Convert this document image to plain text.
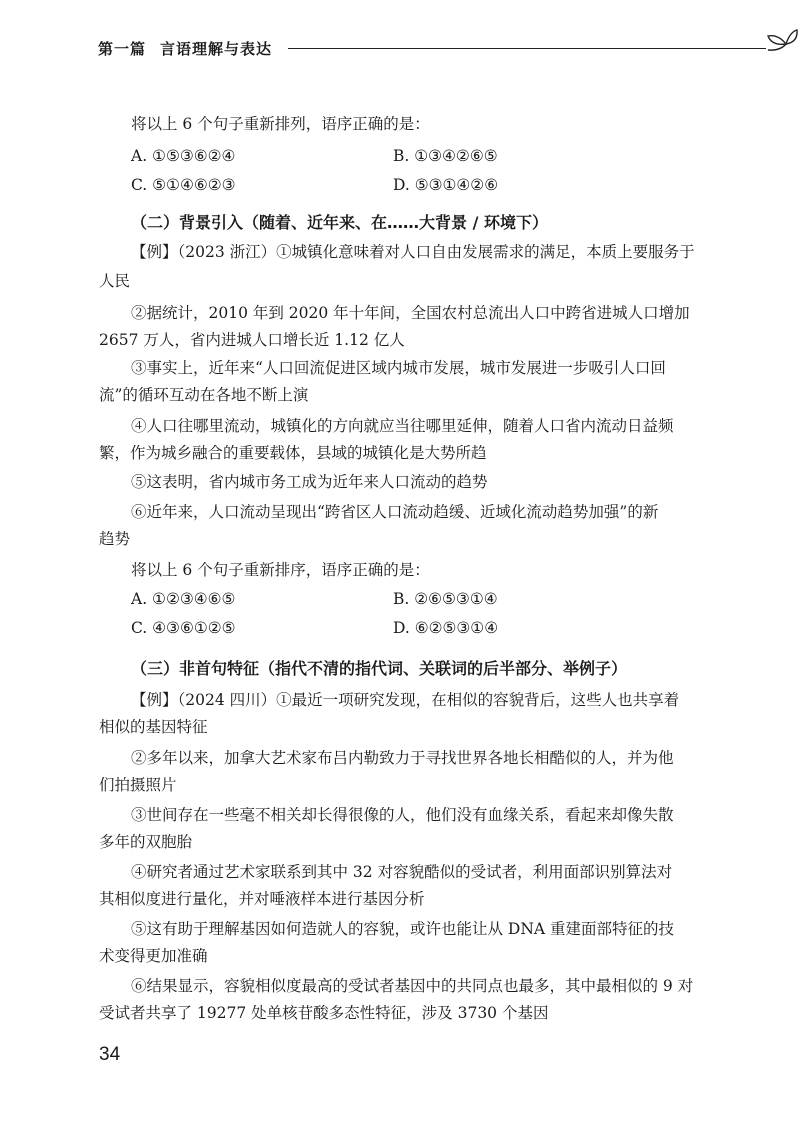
第一篇 言语理解与表达
将以上 6 个句子重新排列，语序正确的是：
A. ①⑤③⑥②④	B. ①③④②⑥⑤
C. ⑤①④⑥②③	D. ⑤③①④②⑥
（二）背景引入（随着、近年来、在……大背景 / 环境下）
【例】（2023 浙江）①城镇化意味着对人口自由发展需求的满足，本质上要服务于
人民
②据统计，2010 年到 2020 年十年间，全国农村总流出人口中跨省进城人口增加
2657 万人，省内进城人口增长近 1.12 亿人
③事实上，近年来“人口回流促进区域内城市发展，城市发展进一步吸引人口回
流”的循环互动在各地不断上演
④人口往哪里流动，城镇化的方向就应当往哪里延伸，随着人口省内流动日益频
繁，作为城乡融合的重要载体，县域的城镇化是大势所趋
⑤这表明，省内城市务工成为近年来人口流动的趋势
⑥近年来，人口流动呈现出“跨省区人口流动趋缓、近域化流动趋势加强”的新
趋势
将以上 6 个句子重新排序，语序正确的是：
A. ①②③④⑥⑤	B. ②⑥⑤③①④
C. ④③⑥①②⑤	D. ⑥②⑤③①④
（三）非首句特征（指代不清的指代词、关联词的后半部分、举例子）
【例】（2024 四川）①最近一项研究发现，在相似的容貌背后，这些人也共享着
相似的基因特征
②多年以来，加拿大艺术家布吕内勒致力于寻找世界各地长相酷似的人，并为他
们拍摄照片
③世间存在一些毫不相关却长得很像的人，他们没有血缘关系，看起来却像失散
多年的双胞胎
④研究者通过艺术家联系到其中 32 对容貌酷似的受试者，利用面部识别算法对
其相似度进行量化，并对唾液样本进行基因分析
⑤这有助于理解基因如何造就人的容貌，或许也能让从 DNA 重建面部特征的技
术变得更加准确
⑥结果显示，容貌相似度最高的受试者基因中的共同点也最多，其中最相似的 9 对
受试者共享了 19277 处单核苷酸多态性特征，涉及 3730 个基因
34
